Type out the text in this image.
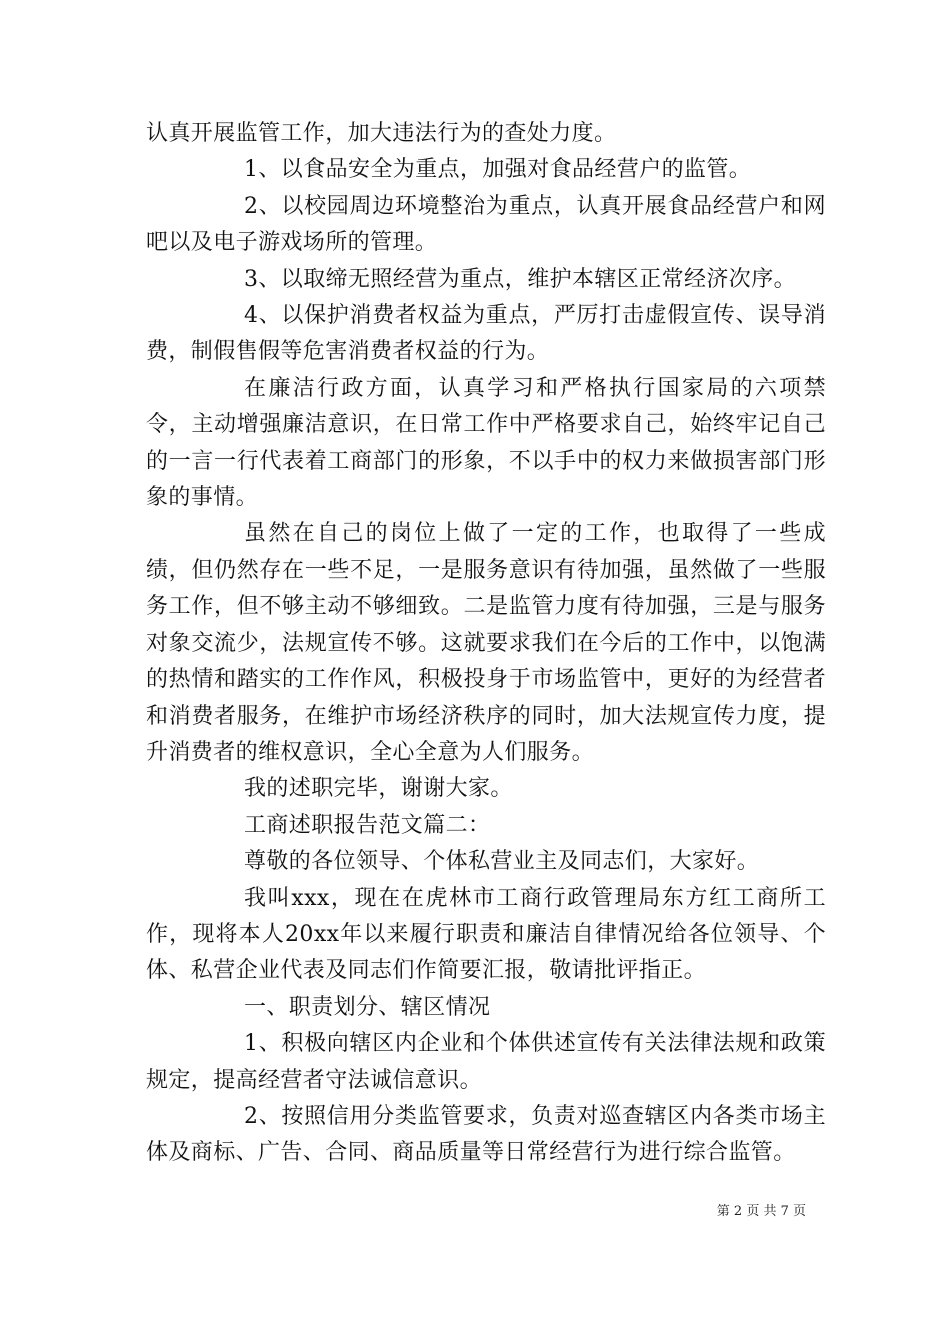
认真开展监管工作，加大违法行为的查处力度。

1、以食品安全为重点，加强对食品经营户的监管。

2、以校园周边环境整治为重点，认真开展食品经营户和网吧以及电子游戏场所的管理。

3、以取缔无照经营为重点，维护本辖区正常经济次序。

4、以保护消费者权益为重点，严厉打击虚假宣传、误导消费，制假售假等危害消费者权益的行为。

在廉洁行政方面，认真学习和严格执行国家局的六项禁令，主动增强廉洁意识，在日常工作中严格要求自己，始终牢记自己的一言一行代表着工商部门的形象，不以手中的权力来做损害部门形象的事情。

虽然在自己的岗位上做了一定的工作，也取得了一些成绩，但仍然存在一些不足，一是服务意识有待加强，虽然做了一些服务工作，但不够主动不够细致。二是监管力度有待加强，三是与服务对象交流少，法规宣传不够。这就要求我们在今后的工作中，以饱满的热情和踏实的工作作风，积极投身于市场监管中，更好的为经营者和消费者服务，在维护市场经济秩序的同时，加大法规宣传力度，提升消费者的维权意识，全心全意为人们服务。

我的述职完毕，谢谢大家。

工商述职报告范文篇二：

尊敬的各位领导、个体私营业主及同志们，大家好。

我叫xxx，现在在虎林市工商行政管理局东方红工商所工作，现将本人20xx年以来履行职责和廉洁自律情况给各位领导、个体、私营企业代表及同志们作简要汇报，敬请批评指正。

一、职责划分、辖区情况

1、积极向辖区内企业和个体供述宣传有关法律法规和政策规定，提高经营者守法诚信意识。

2、按照信用分类监管要求，负责对巡查辖区内各类市场主体及商标、广告、合同、商品质量等日常经营行为进行综合监管。

第 2 页 共 7 页
